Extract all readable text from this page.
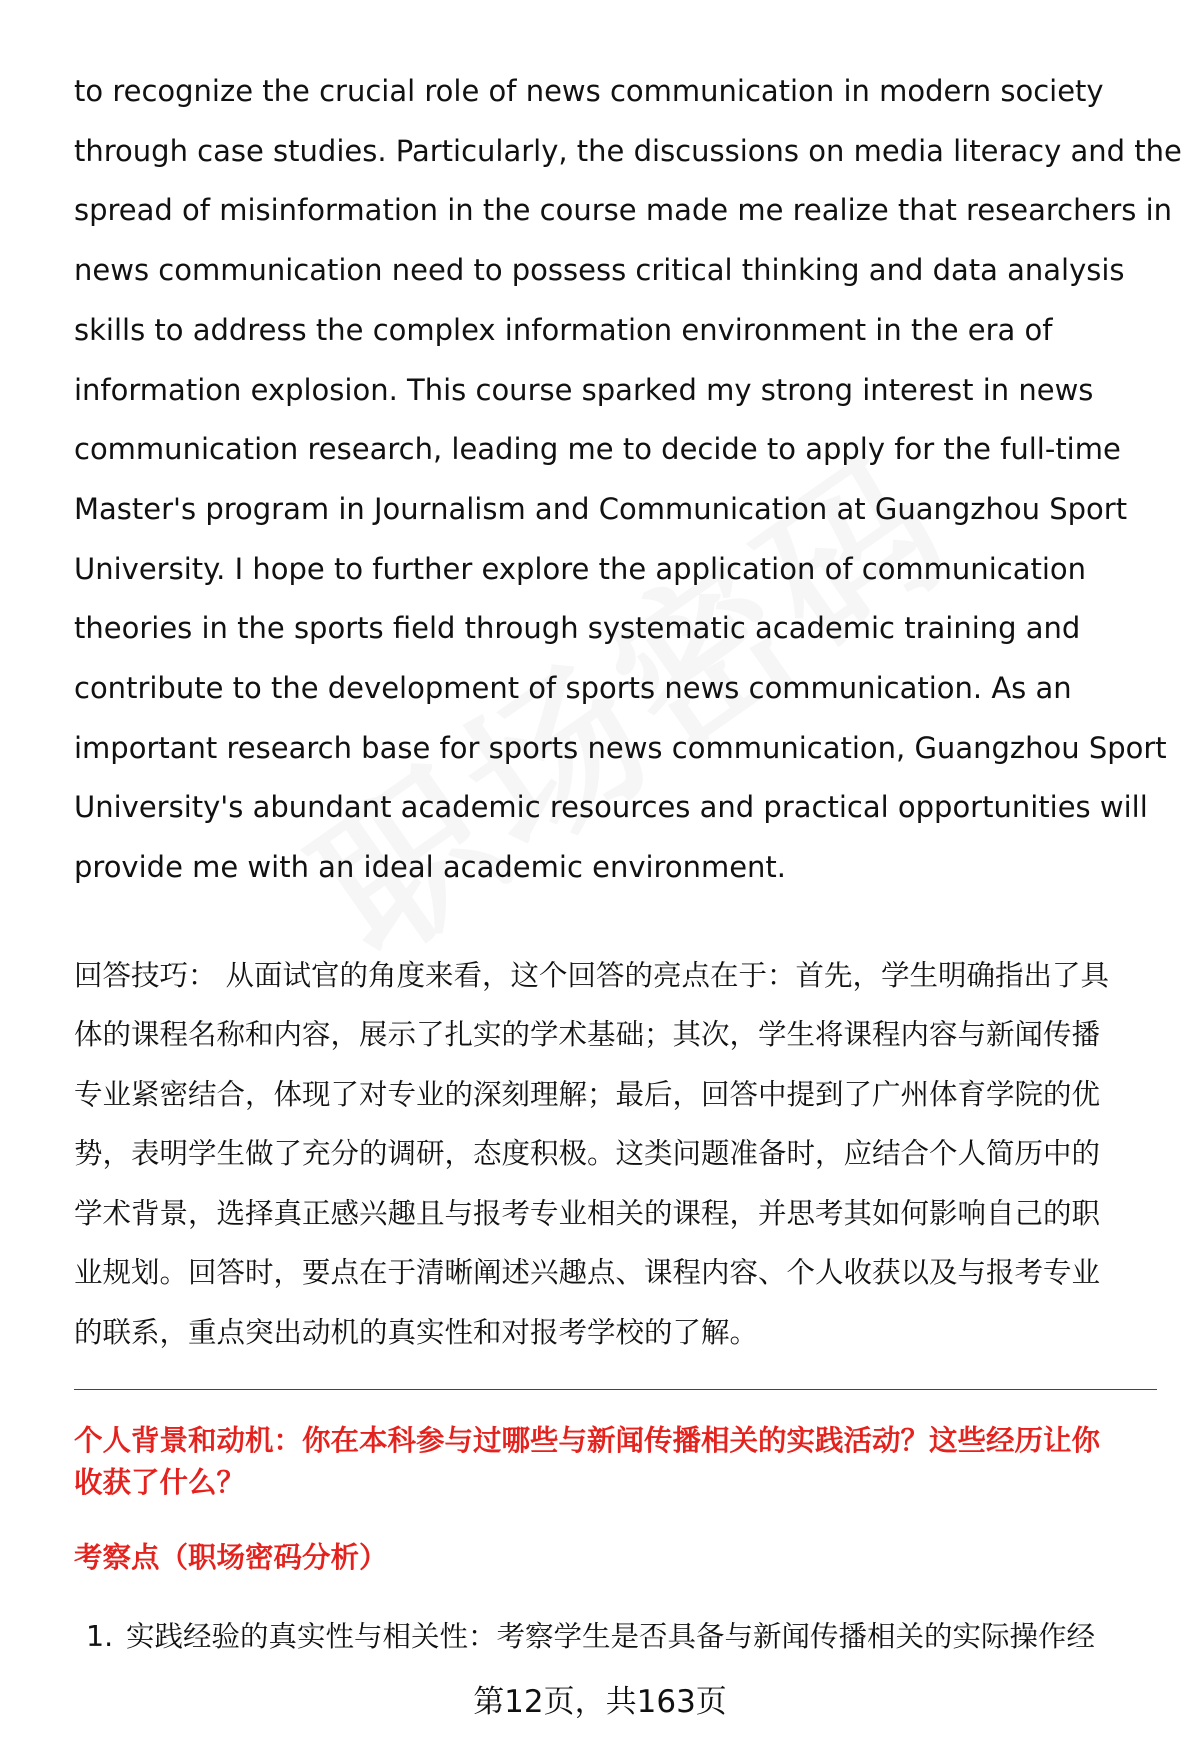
to recognize the crucial role of news communication in modern society
through case studies. Particularly, the discussions on media literacy and the
spread of misinformation in the course made me realize that researchers in
news communication need to possess critical thinking and data analysis
skills to address the complex information environment in the era of
information explosion. This course sparked my strong interest in news
communication research, leading me to decide to apply for the full-time
Master's program in Journalism and Communication at Guangzhou Sport
University. I hope to further explore the application of communication
theories in the sports field through systematic academic training and
contribute to the development of sports news communication. As an
important research base for sports news communication, Guangzhou Sport
University's abundant academic resources and practical opportunities will
provide me with an ideal academic environment.

回答技巧： 从面试官的角度来看，这个回答的亮点在于：首先，学生明确指出了具
体的课程名称和内容，展示了扎实的学术基础；其次，学生将课程内容与新闻传播
专业紧密结合，体现了对专业的深刻理解；最后，回答中提到了广州体育学院的优
势，表明学生做了充分的调研，态度积极。这类问题准备时，应结合个人简历中的
学术背景，选择真正感兴趣且与报考专业相关的课程，并思考其如何影响自己的职
业规划。回答时，要点在于清晰阐述兴趣点、课程内容、个人收获以及与报考专业
的联系，重点突出动机的真实性和对报考学校的了解。

个人背景和动机：你在本科参与过哪些与新闻传播相关的实践活动？这些经历让你
收获了什么？
考察点（职场密码分析）
1. 实践经验的真实性与相关性：考察学生是否具备与新闻传播相关的实际操作经
第12页，共163页
